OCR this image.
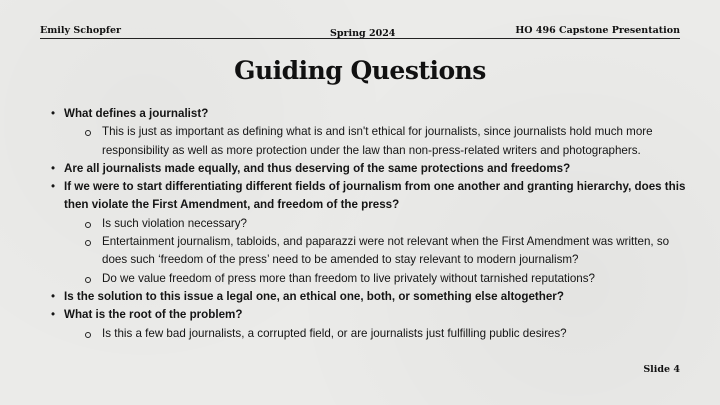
Emily Schopfer	Spring 2024	HO 496 Capstone Presentation
Guiding Questions
• What defines a journalist?
This is just as important as defining what is and isn't ethical for journalists, since journalists hold much more responsibility as well as more protection under the law than non-press-related writers and photographers.
• Are all journalists made equally, and thus deserving of the same protections and freedoms?
• If we were to start differentiating different fields of journalism from one another and granting hierarchy, does this then violate the First Amendment, and freedom of the press?
Is such violation necessary?
Entertainment journalism, tabloids, and paparazzi were not relevant when the First Amendment was written, so does such ‘freedom of the press’ need to be amended to stay relevant to modern journalism?
Do we value freedom of press more than freedom to live privately without tarnished reputations?
• Is the solution to this issue a legal one, an ethical one, both, or something else altogether?
• What is the root of the problem?
Is this a few bad journalists, a corrupted field, or are journalists just fulfilling public desires?
Slide 4
